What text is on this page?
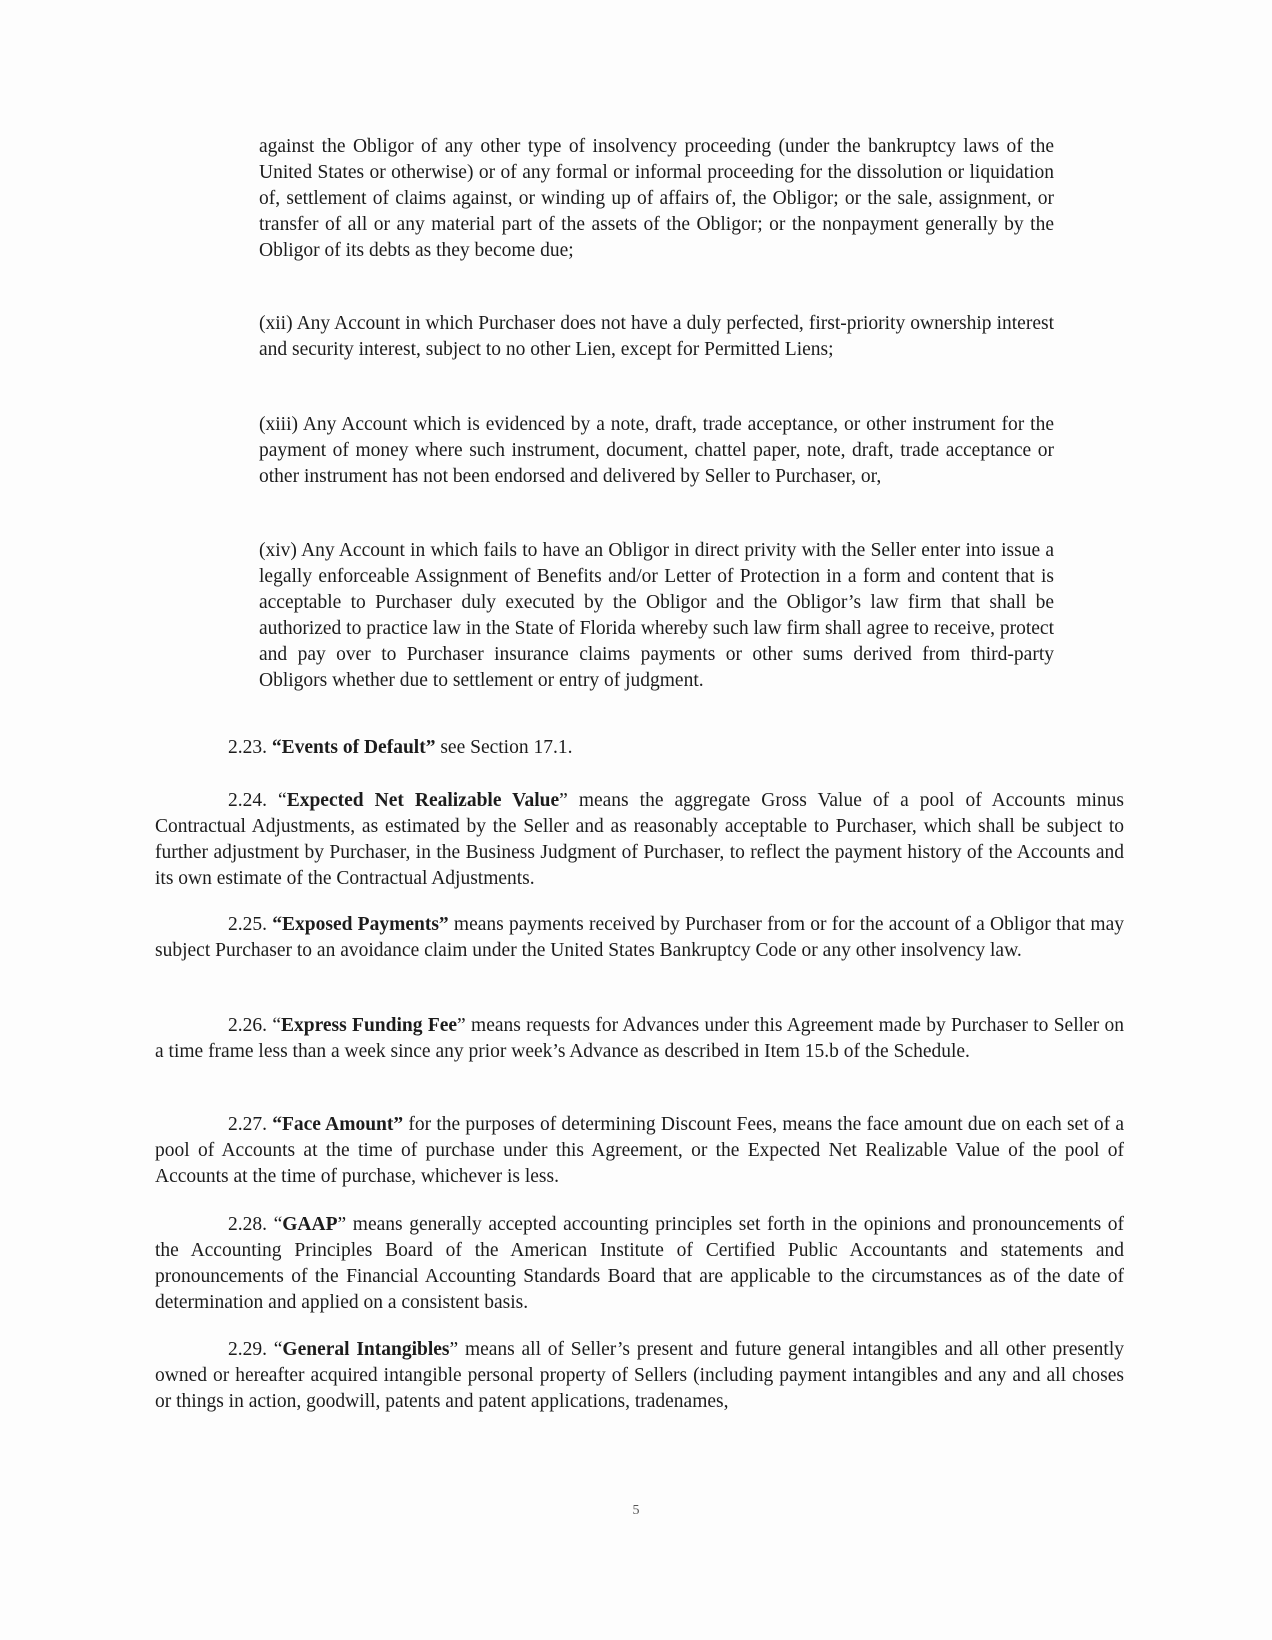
against the Obligor of any other type of insolvency proceeding (under the bankruptcy laws of the United States or otherwise) or of any formal or informal proceeding for the dissolution or liquidation of, settlement of claims against, or winding up of affairs of, the Obligor; or the sale, assignment, or transfer of all or any material part of the assets of the Obligor; or the nonpayment generally by the Obligor of its debts as they become due;

(xii) Any Account in which Purchaser does not have a duly perfected, first-priority ownership interest and security interest, subject to no other Lien, except for Permitted Liens;

(xiii) Any Account which is evidenced by a note, draft, trade acceptance, or other instrument for the payment of money where such instrument, document, chattel paper, note, draft, trade acceptance or other instrument has not been endorsed and delivered by Seller to Purchaser, or,

(xiv) Any Account in which fails to have an Obligor in direct privity with the Seller enter into issue a legally enforceable Assignment of Benefits and/or Letter of Protection in a form and content that is acceptable to Purchaser duly executed by the Obligor and the Obligor’s law firm that shall be authorized to practice law in the State of Florida whereby such law firm shall agree to receive, protect and pay over to Purchaser insurance claims payments or other sums derived from third-party Obligors whether due to settlement or entry of judgment.

2.23. “Events of Default” see Section 17.1.

2.24. “Expected Net Realizable Value” means the aggregate Gross Value of a pool of Accounts minus Contractual Adjustments, as estimated by the Seller and as reasonably acceptable to Purchaser, which shall be subject to further adjustment by Purchaser, in the Business Judgment of Purchaser, to reflect the payment history of the Accounts and its own estimate of the Contractual Adjustments.

2.25. “Exposed Payments” means payments received by Purchaser from or for the account of a Obligor that may subject Purchaser to an avoidance claim under the United States Bankruptcy Code or any other insolvency law.

2.26. “Express Funding Fee” means requests for Advances under this Agreement made by Purchaser to Seller on a time frame less than a week since any prior week’s Advance as described in Item 15.b of the Schedule.

2.27. “Face Amount” for the purposes of determining Discount Fees, means the face amount due on each set of a pool of Accounts at the time of purchase under this Agreement, or the Expected Net Realizable Value of the pool of Accounts at the time of purchase, whichever is less.

2.28. “GAAP” means generally accepted accounting principles set forth in the opinions and pronouncements of the Accounting Principles Board of the American Institute of Certified Public Accountants and statements and pronouncements of the Financial Accounting Standards Board that are applicable to the circumstances as of the date of determination and applied on a consistent basis.

2.29. “General Intangibles” means all of Seller’s present and future general intangibles and all other presently owned or hereafter acquired intangible personal property of Sellers (including payment intangibles and any and all choses or things in action, goodwill, patents and patent applications, tradenames,

5
